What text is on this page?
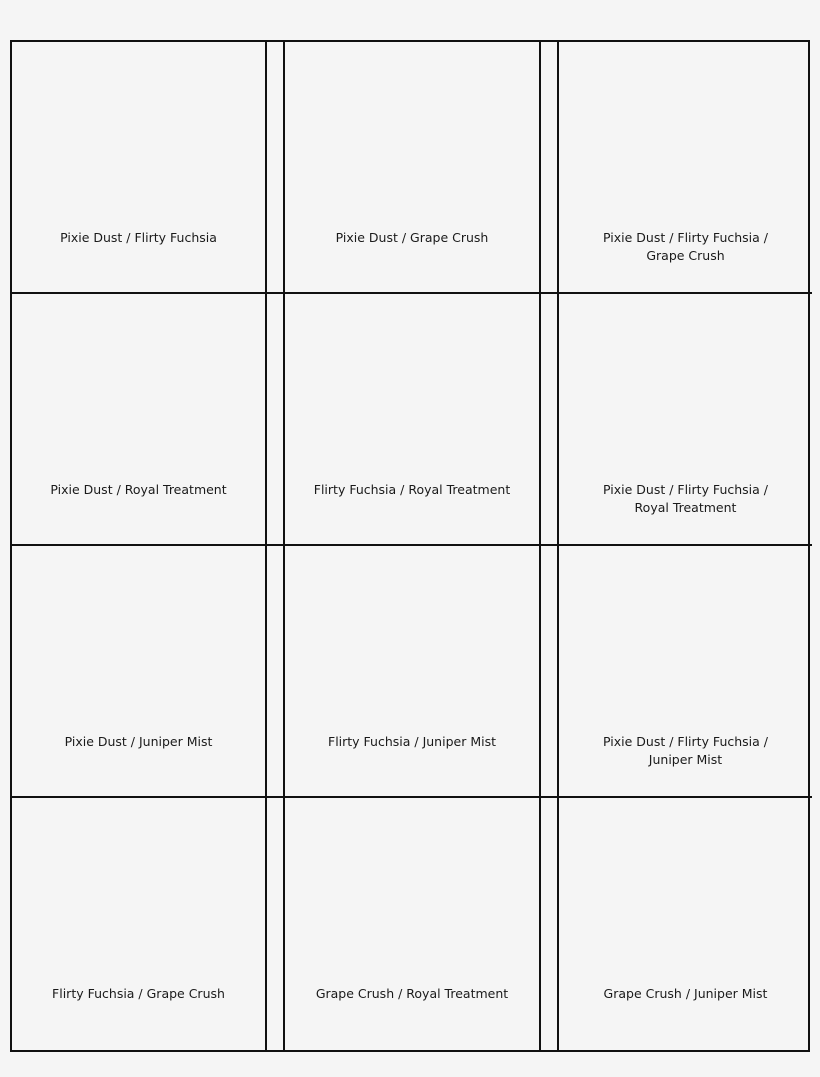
Pixie Dust / Flirty Fuchsia	Pixie Dust / Grape Crush	Pixie Dust / Flirty Fuchsia / Grape Crush
Pixie Dust / Royal Treatment	Flirty Fuchsia / Royal Treatment	Pixie Dust / Flirty Fuchsia / Royal Treatment
Pixie Dust / Juniper Mist	Flirty Fuchsia / Juniper Mist	Pixie Dust / Flirty Fuchsia / Juniper Mist
Flirty Fuchsia / Grape Crush	Grape Crush / Royal Treatment	Grape Crush / Juniper Mist
